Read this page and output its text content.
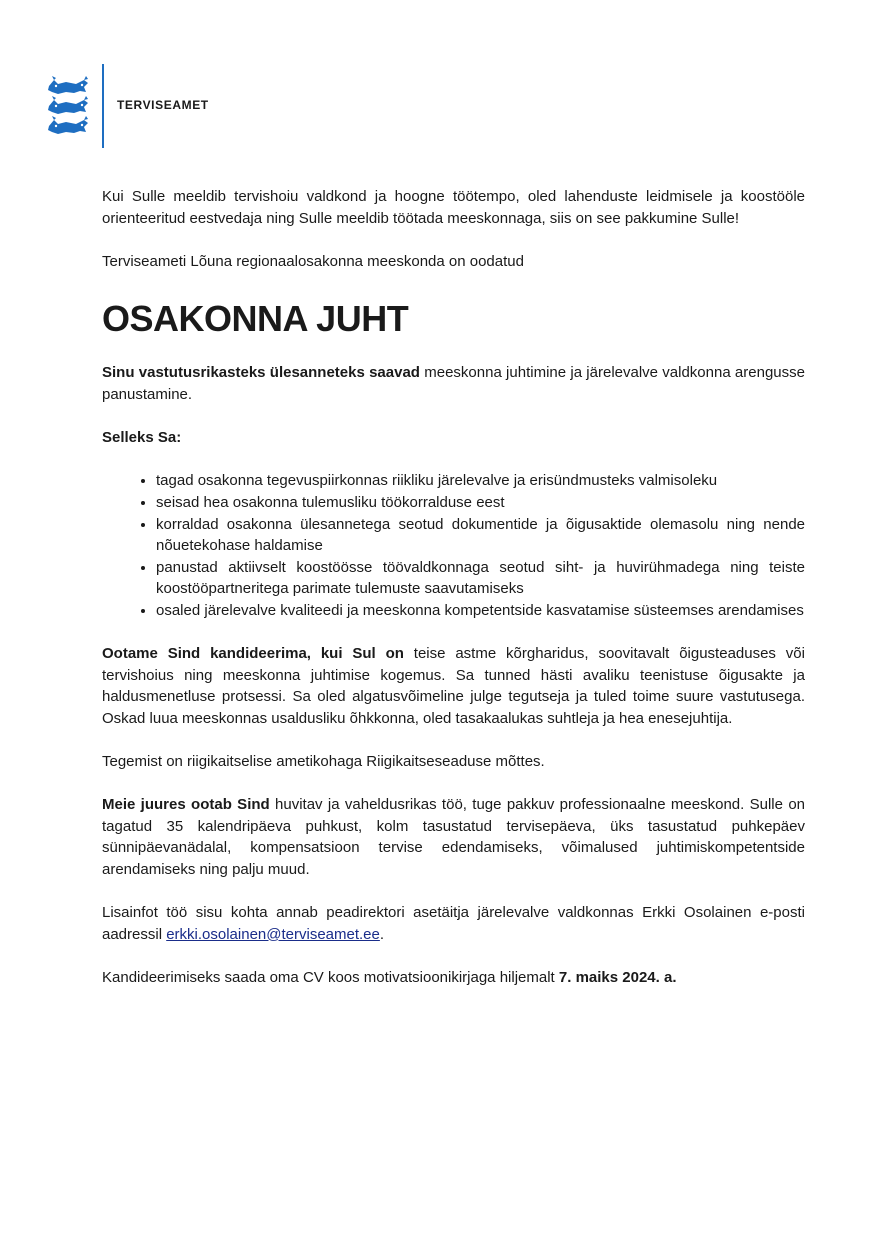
TERVISEAMET

Kui Sulle meeldib tervishoiu valdkond ja hoogne töötempo, oled lahenduste leidmisele ja koostööle orienteeritud eestvedaja ning Sulle meeldib töötada meeskonnaga, siis on see pakkumine Sulle!

Terviseameti Lõuna regionaalosakonna meeskonda on oodatud

OSAKONNA JUHT

Sinu vastutusrikasteks ülesanneteks saavad meeskonna juhtimine ja järelevalve valdkonna arengusse panustamine.

Selleks Sa:

• tagad osakonna tegevuspiirkonnas riikliku järelevalve ja erisündmusteks valmisoleku
• seisad hea osakonna tulemusliku töökorralduse eest
• korraldad osakonna ülesannetega seotud dokumentide ja õigusaktide olemasolu ning nende nõuetekohase haldamise
• panustad aktiivselt koostöösse töövaldkonnaga seotud siht- ja huvirühmadega ning teiste koostööpartneritega parimate tulemuste saavutamiseks
• osaled järelevalve kvaliteedi ja meeskonna kompetentside kasvatamise süsteemses arendamises

Ootame Sind kandideerima, kui Sul on teise astme kõrgharidus, soovitavalt õigusteaduses või tervishoius ning meeskonna juhtimise kogemus. Sa tunned hästi avaliku teenistuse õigusakte ja haldusmenetluse protsessi. Sa oled algatusvõimeline julge tegutseja ja tuled toime suure vastutusega. Oskad luua meeskonnas usaldusliku õhkkonna, oled tasakaalukas suhtleja ja hea enesejuhtija.

Tegemist on riigikaitselise ametikohaga Riigikaitseseaduse mõttes.

Meie juures ootab Sind huvitav ja vaheldusrikas töö, tuge pakkuv professionaalne meeskond. Sulle on tagatud 35 kalendripäeva puhkust, kolm tasustatud tervisepäeva, üks tasustatud puhkepäev sünnipäevanädalal, kompensatsioon tervise edendamiseks, võimalused juhtimiskompetentside arendamiseks ning palju muud.

Lisainfot töö sisu kohta annab peadirektori asetäitja järelevalve valdkonnas Erkki Osolainen e-posti aadressil erkki.osolainen@terviseamet.ee.

Kandideerimiseks saada oma CV koos motivatsioonikirjaga hiljemalt 7. maiks 2024. a.
